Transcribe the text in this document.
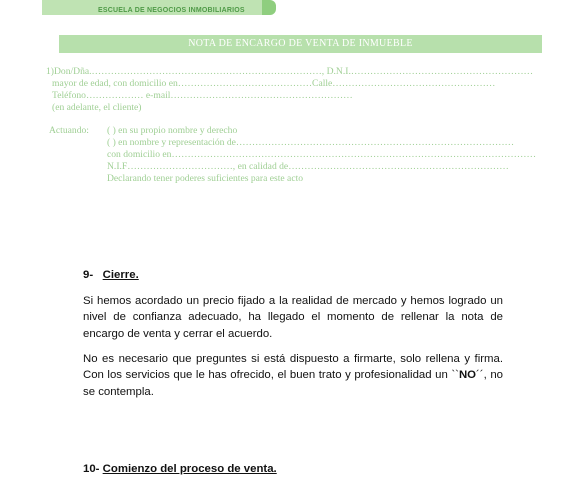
ESCUELA DE NEGOCIOS INMOBILIARIOS
NOTA DE ENCARGO DE VENTA DE INMUEBLE
1)Don/Dña.………………………………………………………………, D.N.I.…………………………………………………
mayor de edad, con domicilio en……………………………………Calle……………………………………………
Teléfono……………… e-mail…………………………………………………
(en adelante, el cliente)
Actuando: ( ) en su propio nombre y derecho
( ) en nombre y representación de……………………………………………………………………………
con domicilio en……………………………………………………………………………………………………
N.I.F……………………………, en calidad de……………………………………………………………
Declarando tener poderes suficientes para este acto
9- Cierre.

Si hemos acordado un precio fijado a la realidad de mercado y hemos logrado un nivel de confianza adecuado, ha llegado el momento de rellenar la nota de encargo de venta y cerrar el acuerdo.

No es necesario que preguntes si está dispuesto a firmarte, solo rellena y firma. Con los servicios que le has ofrecido, el buen trato y profesionalidad un ``NO´´, no se contempla.

10- Comienzo del proceso de venta.
